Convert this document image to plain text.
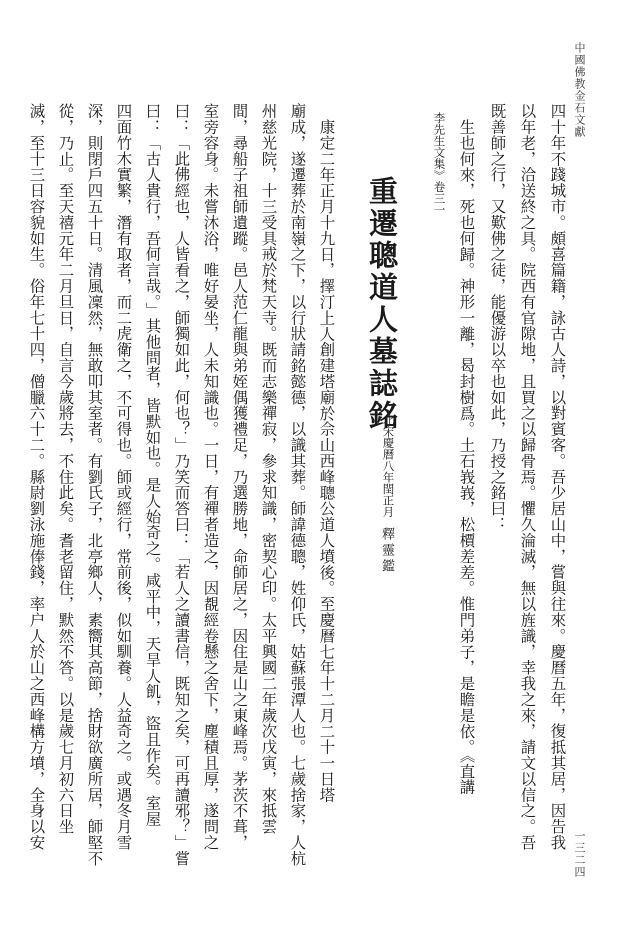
中國佛教金石文獻
一三二四
四十年不踐城市。頗喜篇籍，詠古人詩，以對賓客。吾少居山中，嘗與往來。慶曆五年，復抵其居，因告我
以年老，洽送終之具。院西有官隙地，且買之以歸骨焉。懼久淪滅，無以旌識，幸我之來，請文以信之。吾
既善師之行，又歎佛之徒，能優游以卒也如此，乃授之銘曰：
生也何來，死也何歸。神形一離，曷封樹爲。土石峩峩，松檟差差。惟門弟子，是瞻是依。《直講
李先生文集》卷三一
重遷聰道人墓誌銘
北宋慶曆八年閏正月
釋靈鑑
康定二年正月十九日，擇汀上人創建塔廟於佘山西峰聰公道人墳後。至慶曆七年十二月二十一日塔
廟成，遂遷葬於南嶺之下，以行狀請銘懿德，以識其葬。師諱德聰，姓仰氏，姑蘇張潭人也。七歲捨家，人杭
州慈光院，十三受具戒於梵天寺。既而志樂禪寂，參求知識，密契心印。太平興國二年歲次戊寅，來抵雲
間，尋船子祖師遺蹤。邑人范仁龍與弟姪偶獲禮足，乃選勝地，命師居之，因住是山之東峰焉。茅茨不葺，
室旁容身。未嘗沐浴，唯好晏坐，人未知識也。一日，有禪者造之，因覩經卷懸之舍下，塵積且厚，遂問之
曰：「此佛經也，人皆看之，師獨如此，何也？」乃笑而答曰：「若人之讀書信，既知之矣，可再讀邪？」嘗
曰：「古人貴行，吾何言哉。」其他問者，皆默如也。是人始奇之。咸平中，天旱人飢，盜且作矣。室屋
四面竹木實繁，潛有取者，而二虎衛之，不可得也。師或經行，常前後，似如馴養。人益奇之。或遇冬月雪
深，則閉戶四五十日。清風凜然，無敢叩其室者。有劉氏子，北亭鄉人，素嚮其高節，捨財欲廣所居，師堅不
從，乃止。至天禧元年二月旦日，自言今歲將去，不住此矣。耆老留住，默然不答。以是歲七月初六日坐
滅，至十三日容貌如生。俗年七十四，僧臘六十二。縣尉劉泳施俸錢，率户人於山之西峰構方墳，全身以安
